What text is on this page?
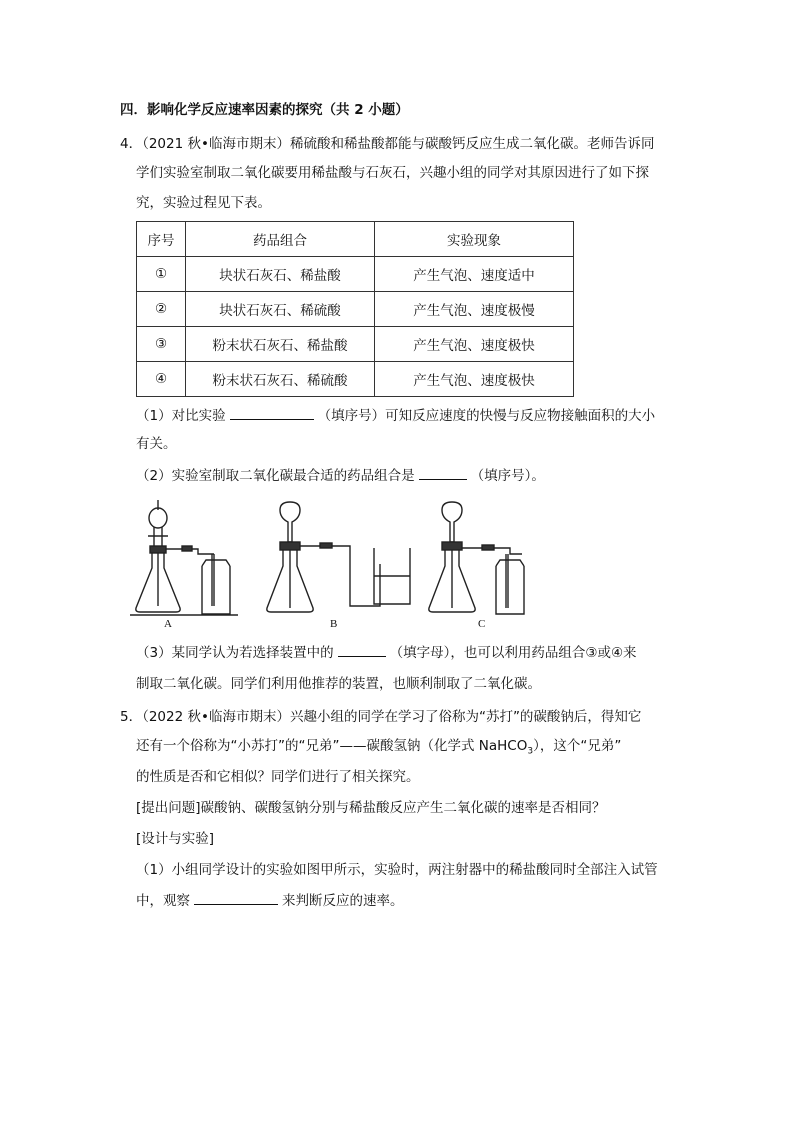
四．影响化学反应速率因素的探究（共 2 小题）
4．（2021 秋•临海市期末）稀硫酸和稀盐酸都能与碳酸钙反应生成二氧化碳。老师告诉同
学们实验室制取二氧化碳要用稀盐酸与石灰石，兴趣小组的同学对其原因进行了如下探
究，实验过程见下表。
序号	药品组合	实验现象
①	块状石灰石、稀盐酸	产生气泡、速度适中
②	块状石灰石、稀硫酸	产生气泡、速度极慢
③	粉末状石灰石、稀盐酸	产生气泡、速度极快
④	粉末状石灰石、稀硫酸	产生气泡、速度极快
（1）对比实验	（填序号）可知反应速度的快慢与反应物接触面积的大小
有关。
（2）实验室制取二氧化碳最合适的药品组合是	（填序号）。
A	B	C
（3）某同学认为若选择装置中的	（填字母），也可以利用药品组合③或④来
制取二氧化碳。同学们利用他推荐的装置，也顺利制取了二氧化碳。
5．（2022 秋•临海市期末）兴趣小组的同学在学习了俗称为“苏打”的碳酸钠后，得知它
还有一个俗称为“小苏打”的“兄弟”——碳酸氢钠（化学式 NaHCO$_3$），这个“兄弟”
的性质是否和它相似？同学们进行了相关探究。
[提出问题]碳酸钠、碳酸氢钠分别与稀盐酸反应产生二氧化碳的速率是否相同？
[设计与实验]
（1）小组同学设计的实验如图甲所示，实验时，两注射器中的稀盐酸同时全部注入试管
中，观察	来判断反应的速率。
